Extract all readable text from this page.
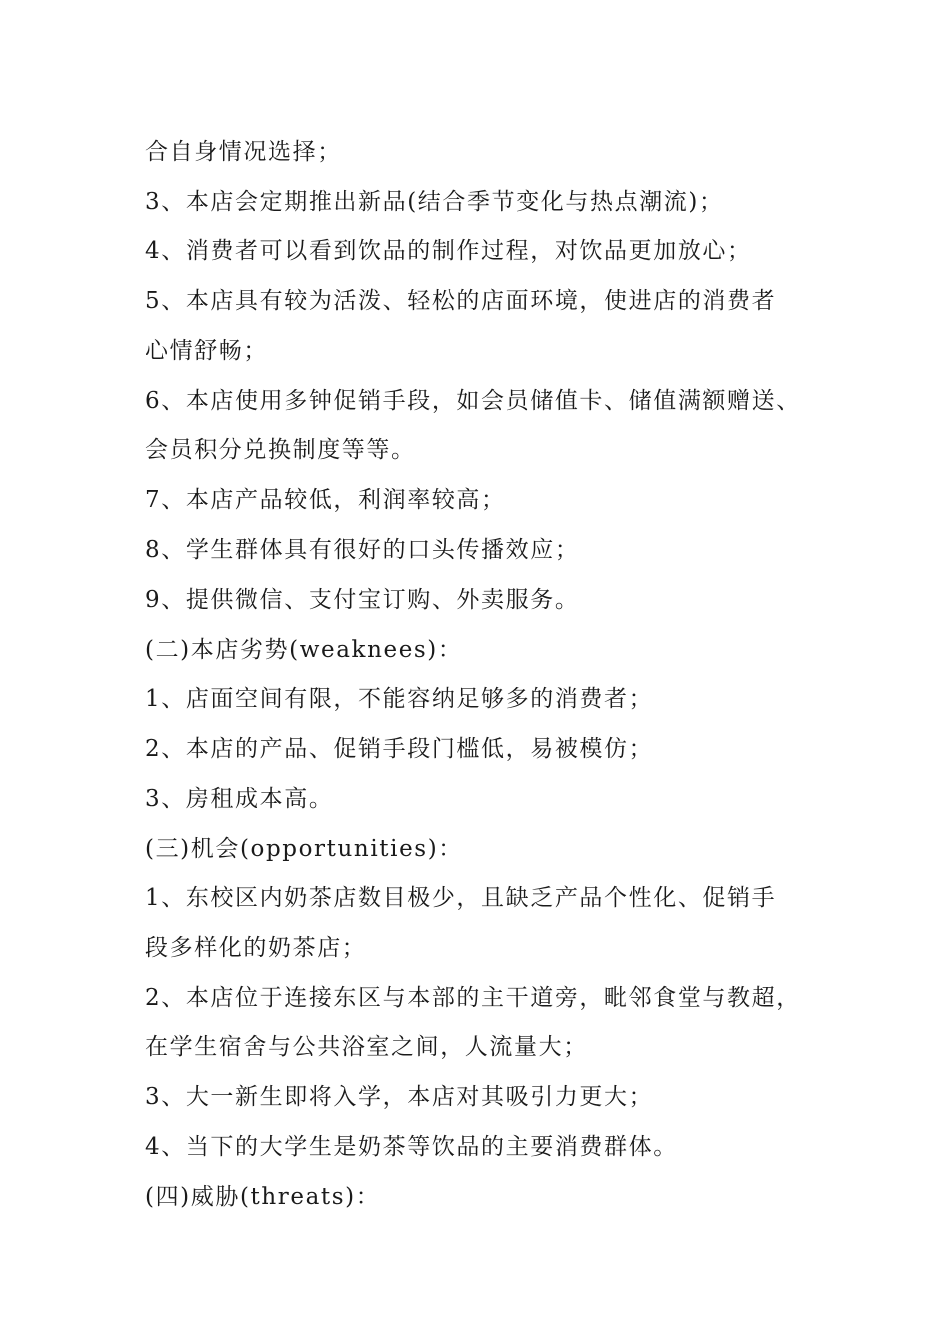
合自身情况选择；
3、本店会定期推出新品(结合季节变化与热点潮流)；
4、消费者可以看到饮品的制作过程，对饮品更加放心；
5、本店具有较为活泼、轻松的店面环境，使进店的消费者
心情舒畅；
6、本店使用多钟促销手段，如会员储值卡、储值满额赠送、
会员积分兑换制度等等。
7、本店产品较低，利润率较高；
8、学生群体具有很好的口头传播效应；
9、提供微信、支付宝订购、外卖服务。
(二)本店劣势(weaknees)：
1、店面空间有限，不能容纳足够多的消费者；
2、本店的产品、促销手段门槛低，易被模仿；
3、房租成本高。
(三)机会(opportunities)：
1、东校区内奶茶店数目极少，且缺乏产品个性化、促销手
段多样化的奶茶店；
2、本店位于连接东区与本部的主干道旁，毗邻食堂与教超，
在学生宿舍与公共浴室之间，人流量大；
3、大一新生即将入学，本店对其吸引力更大；
4、当下的大学生是奶茶等饮品的主要消费群体。
(四)威胁(threats)：
